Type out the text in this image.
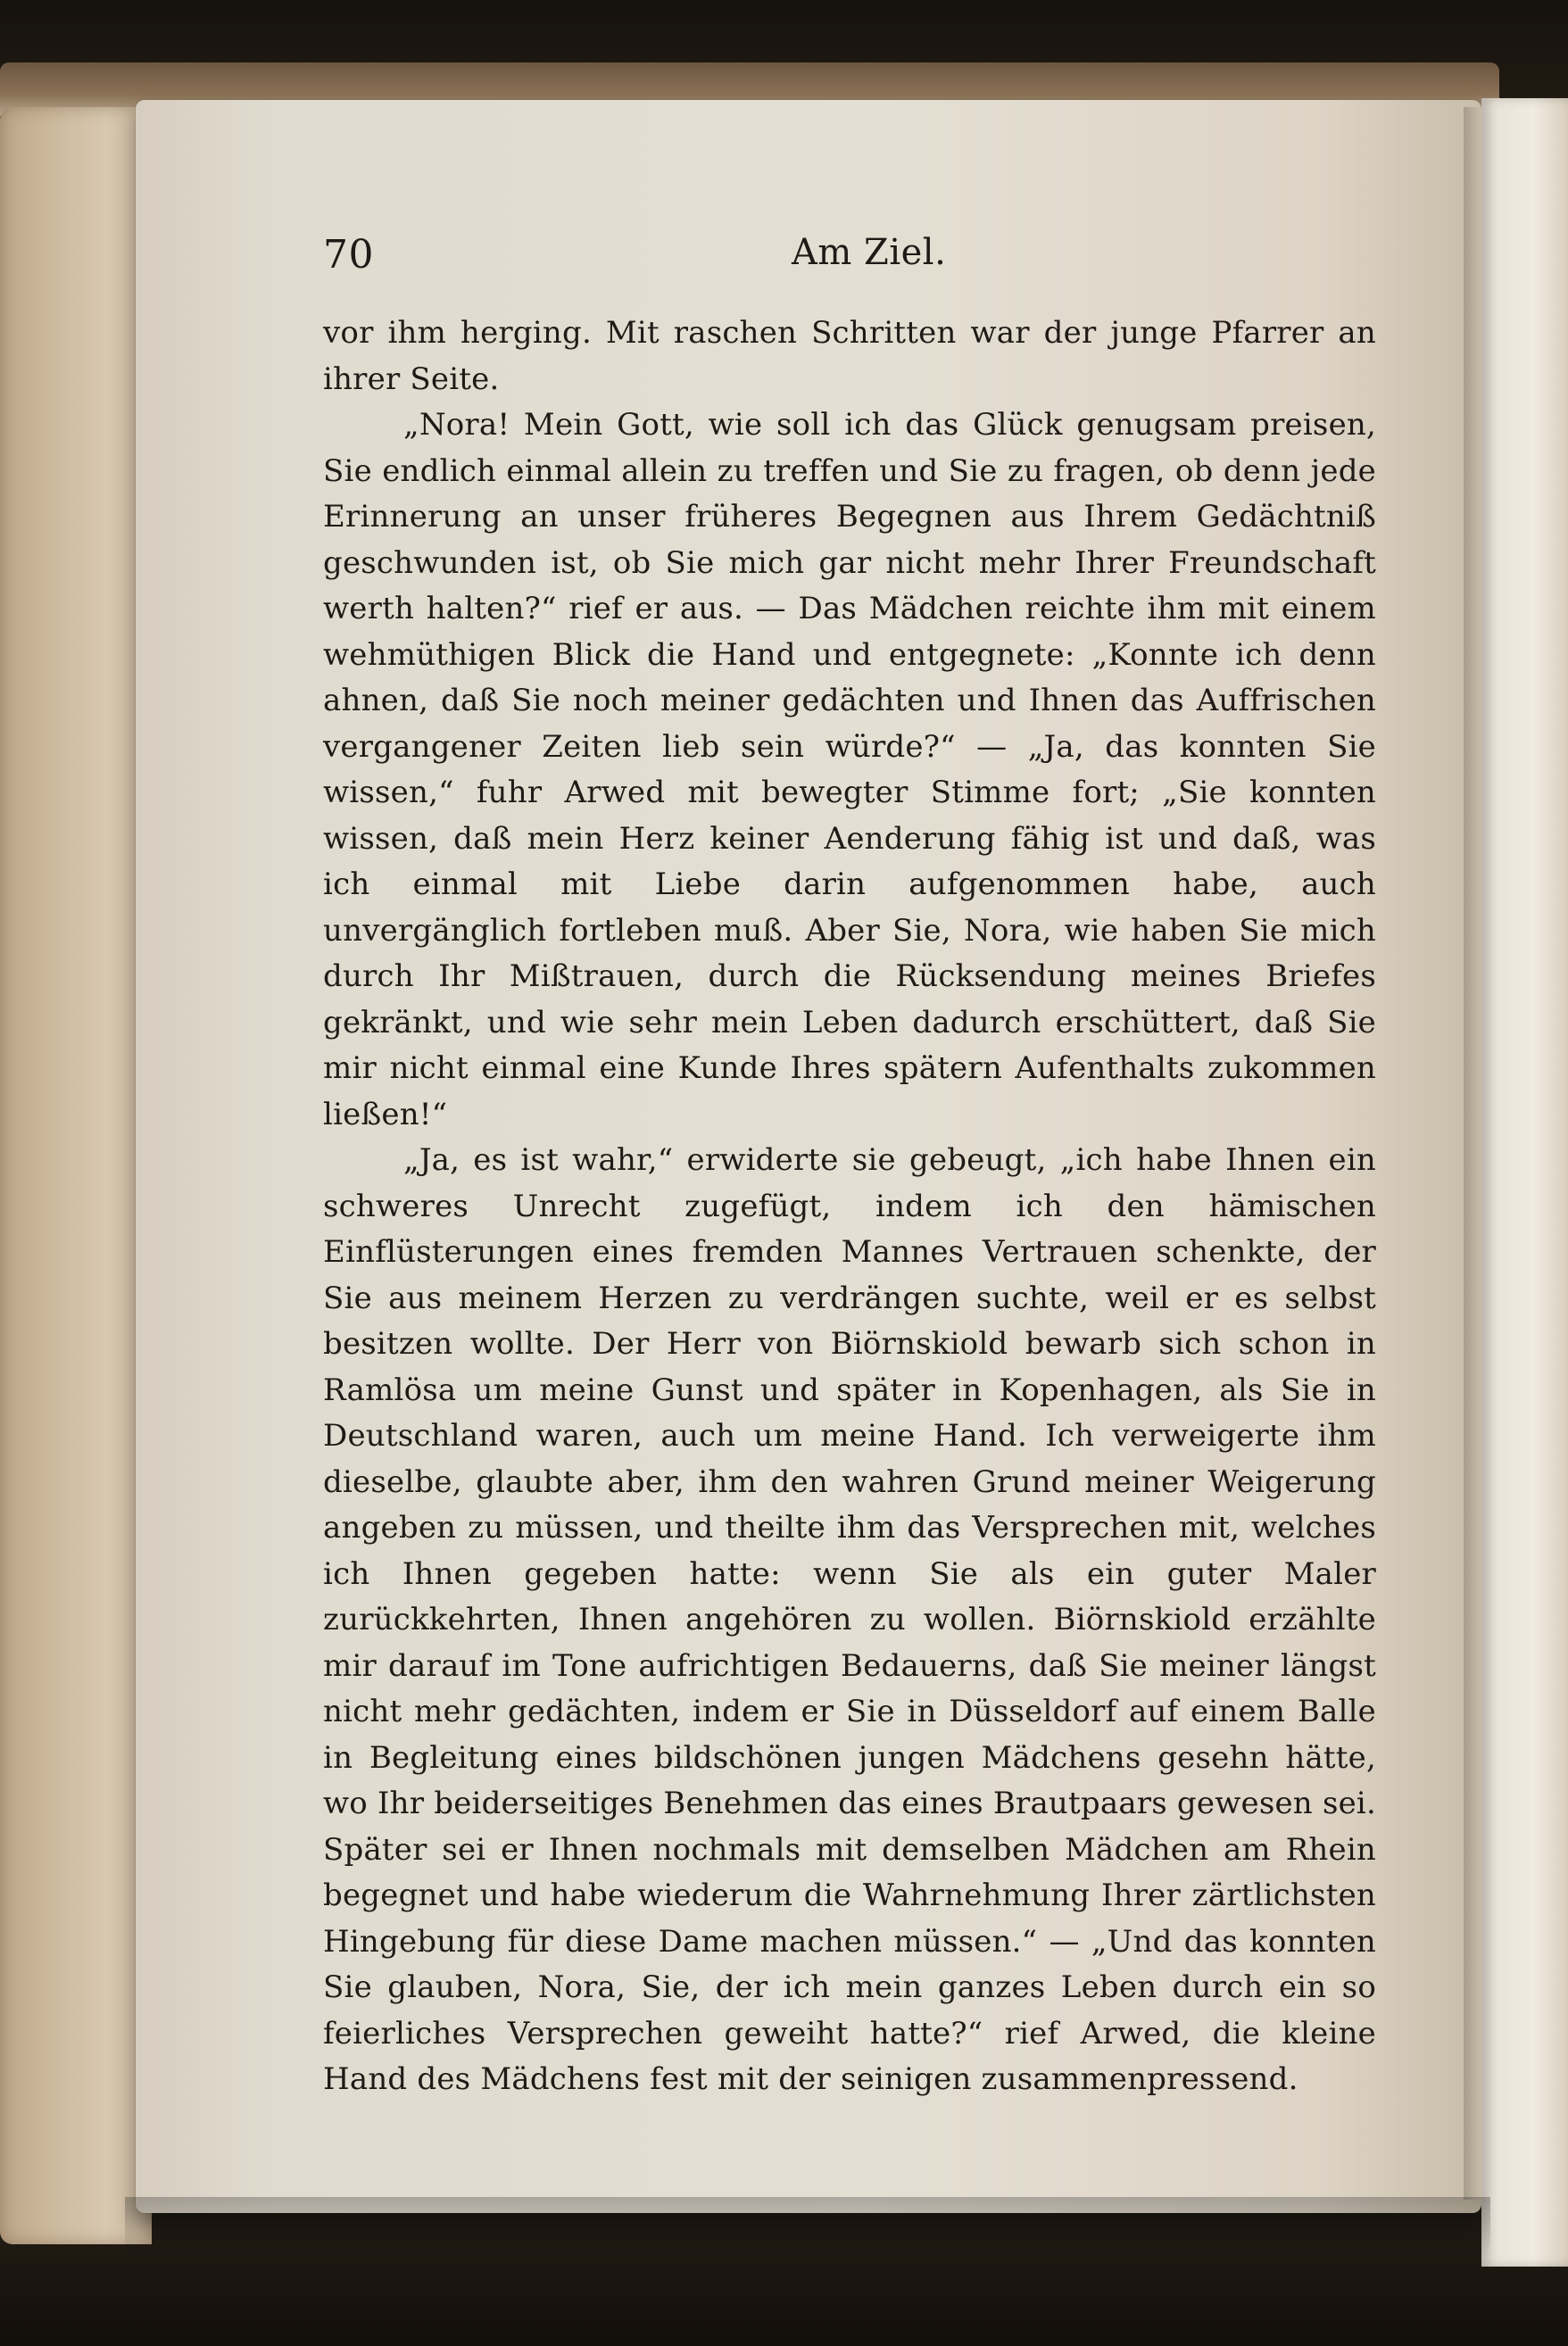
70	Am Ziel.

vor ihm herging. Mit raschen Schritten war der junge Pfarrer an ihrer Seite.

„Nora! Mein Gott, wie soll ich das Glück genugsam preisen, Sie endlich einmal allein zu treffen und Sie zu fragen, ob denn jede Erinnerung an unser früheres Begegnen aus Ihrem Gedächtniß geschwunden ist, ob Sie mich gar nicht mehr Ihrer Freundschaft werth halten?“ rief er aus. — Das Mädchen reichte ihm mit einem wehmüthigen Blick die Hand und entgegnete: „Konnte ich denn ahnen, daß Sie noch meiner gedächten und Ihnen das Auffrischen vergangener Zeiten lieb sein würde?“ — „Ja, das konnten Sie wissen,“ fuhr Arwed mit bewegter Stimme fort; „Sie konnten wissen, daß mein Herz keiner Aenderung fähig ist und daß, was ich einmal mit Liebe darin aufgenommen habe, auch unvergänglich fortleben muß. Aber Sie, Nora, wie haben Sie mich durch Ihr Mißtrauen, durch die Rücksendung meines Briefes gekränkt, und wie sehr mein Leben dadurch erschüttert, daß Sie mir nicht einmal eine Kunde Ihres spätern Aufenthalts zukommen ließen!“

„Ja, es ist wahr,“ erwiderte sie gebeugt, „ich habe Ihnen ein schweres Unrecht zugefügt, indem ich den hämischen Einflüsterungen eines fremden Mannes Vertrauen schenkte, der Sie aus meinem Herzen zu verdrängen suchte, weil er es selbst besitzen wollte. Der Herr von Biörnskiold bewarb sich schon in Ramlösa um meine Gunst und später in Kopenhagen, als Sie in Deutschland waren, auch um meine Hand. Ich verweigerte ihm dieselbe, glaubte aber, ihm den wahren Grund meiner Weigerung angeben zu müssen, und theilte ihm das Versprechen mit, welches ich Ihnen gegeben hatte: wenn Sie als ein guter Maler zurückkehrten, Ihnen angehören zu wollen. Biörnskiold erzählte mir darauf im Tone aufrichtigen Bedauerns, daß Sie meiner längst nicht mehr gedächten, indem er Sie in Düsseldorf auf einem Balle in Begleitung eines bildschönen jungen Mädchens gesehn hätte, wo Ihr beiderseitiges Benehmen das eines Brautpaars gewesen sei. Später sei er Ihnen nochmals mit demselben Mädchen am Rhein begegnet und habe wiederum die Wahrnehmung Ihrer zärtlichsten Hingebung für diese Dame machen müssen.“ — „Und das konnten Sie glauben, Nora, Sie, der ich mein ganzes Leben durch ein so feierliches Versprechen geweiht hatte?“ rief Arwed, die kleine Hand des Mädchens fest mit der seinigen zusammenpressend.
